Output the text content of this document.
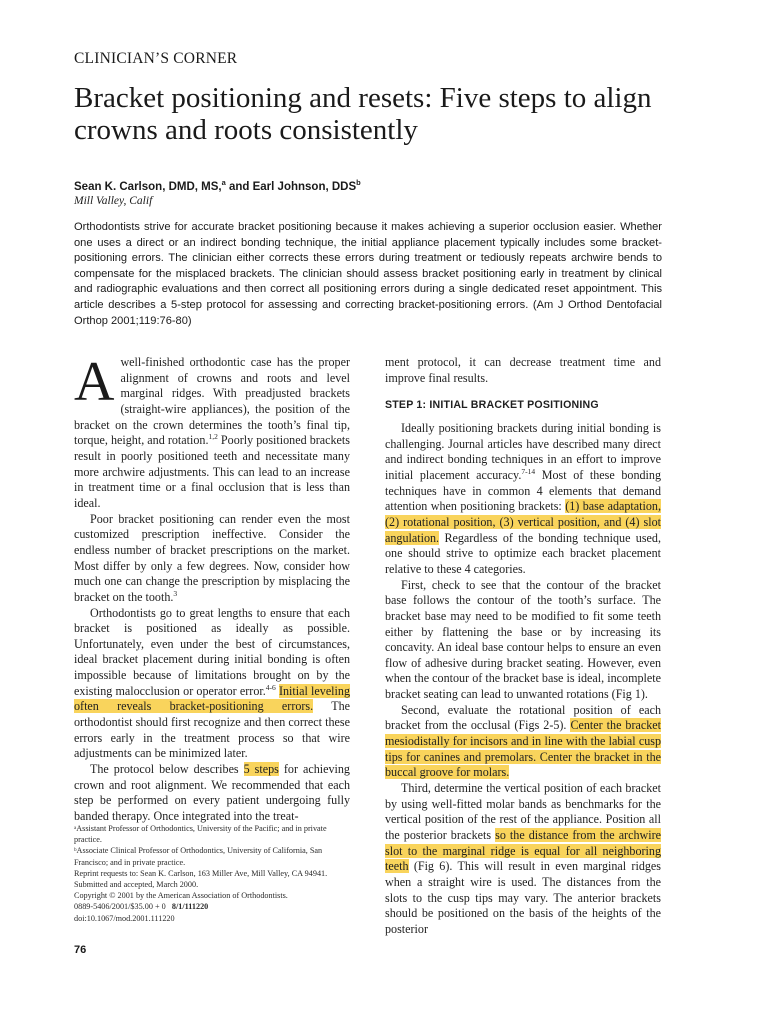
CLINICIAN’S CORNER
Bracket positioning and resets: Five steps to align crowns and roots consistently
Sean K. Carlson, DMD, MS,$^a$ and Earl Johnson, DDS$^b$
Mill Valley, Calif

Orthodontists strive for accurate bracket positioning because it makes achieving a superior occlusion easier. Whether one uses a direct or an indirect bonding technique, the initial appliance placement typically includes some bracket-positioning errors. The clinician either corrects these errors during treatment or tediously repeats archwire bends to compensate for the misplaced brackets. The clinician should assess bracket positioning early in treatment by clinical and radiographic evaluations and then correct all positioning errors during a single dedicated reset appointment. This article describes a 5-step protocol for assessing and correcting bracket-positioning errors. (Am J Orthod Dentofacial Orthop 2001;119:76-80)

Awell-finished orthodontic case has the proper alignment of crowns and roots and level marginal ridges. With preadjusted brackets (straight-wire appliances), the position of the bracket on the crown determines the tooth’s final tip, torque, height, and rotation.$^{1,2}$ Poorly positioned brackets result in poorly positioned teeth and necessitate many more archwire adjustments. This can lead to an increase in treatment time or a final occlusion that is less than ideal.

Poor bracket positioning can render even the most customized prescription ineffective. Consider the endless number of bracket prescriptions on the market. Most differ by only a few degrees. Now, consider how much one can change the prescription by misplacing the bracket on the tooth.$^3$

Orthodontists go to great lengths to ensure that each bracket is positioned as ideally as possible. Unfortunately, even under the best of circumstances, ideal bracket placement during initial bonding is often impossible because of limitations brought on by the existing malocclusion or operator error.$^{4-6}$ Initial leveling often reveals bracket-positioning errors. The orthodontist should first recognize and then correct these errors early in the treatment process so that wire adjustments can be minimized later.

The protocol below describes 5 steps for achieving crown and root alignment. We recommended that each step be performed on every patient undergoing fully banded therapy. Once integrated into the treat-

ment protocol, it can decrease treatment time and improve final results.

STEP 1: INITIAL BRACKET POSITIONING

Ideally positioning brackets during initial bonding is challenging. Journal articles have described many direct and indirect bonding techniques in an effort to improve initial placement accuracy.$^{7-14}$ Most of these bonding techniques have in common 4 elements that demand attention when positioning brackets: (1) base adaptation, (2) rotational position, (3) vertical position, and (4) slot angulation. Regardless of the bonding technique used, one should strive to optimize each bracket placement relative to these 4 categories.

First, check to see that the contour of the bracket base follows the contour of the tooth’s surface. The bracket base may need to be modified to fit some teeth either by flattening the base or by increasing its concavity. An ideal base contour helps to ensure an even flow of adhesive during bracket seating. However, even when the contour of the bracket base is ideal, incomplete bracket seating can lead to unwanted rotations (Fig 1).

Second, evaluate the rotational position of each bracket from the occlusal (Figs 2-5). Center the bracket mesiodistally for incisors and in line with the labial cusp tips for canines and premolars. Center the bracket in the buccal groove for molars.

Third, determine the vertical position of each bracket by using well-fitted molar bands as benchmarks for the vertical position of the rest of the appliance. Position all the posterior brackets so the distance from the archwire slot to the marginal ridge is equal for all neighboring teeth (Fig 6). This will result in even marginal ridges when a straight wire is used. The distances from the slots to the cusp tips may vary. The anterior brackets should be positioned on the basis of the heights of the posterior

ᵃAssistant Professor of Orthodontics, University of the Pacific; and in private practice.
ᵇAssociate Clinical Professor of Orthodontics, University of California, San Francisco; and in private practice.
Reprint requests to: Sean K. Carlson, 163 Miller Ave, Mill Valley, CA 94941.
Submitted and accepted, March 2000.
Copyright © 2001 by the American Association of Orthodontists.
0889-5406/2001/$35.00 + 0 8/1/111220
doi:10.1067/mod.2001.111220
76
